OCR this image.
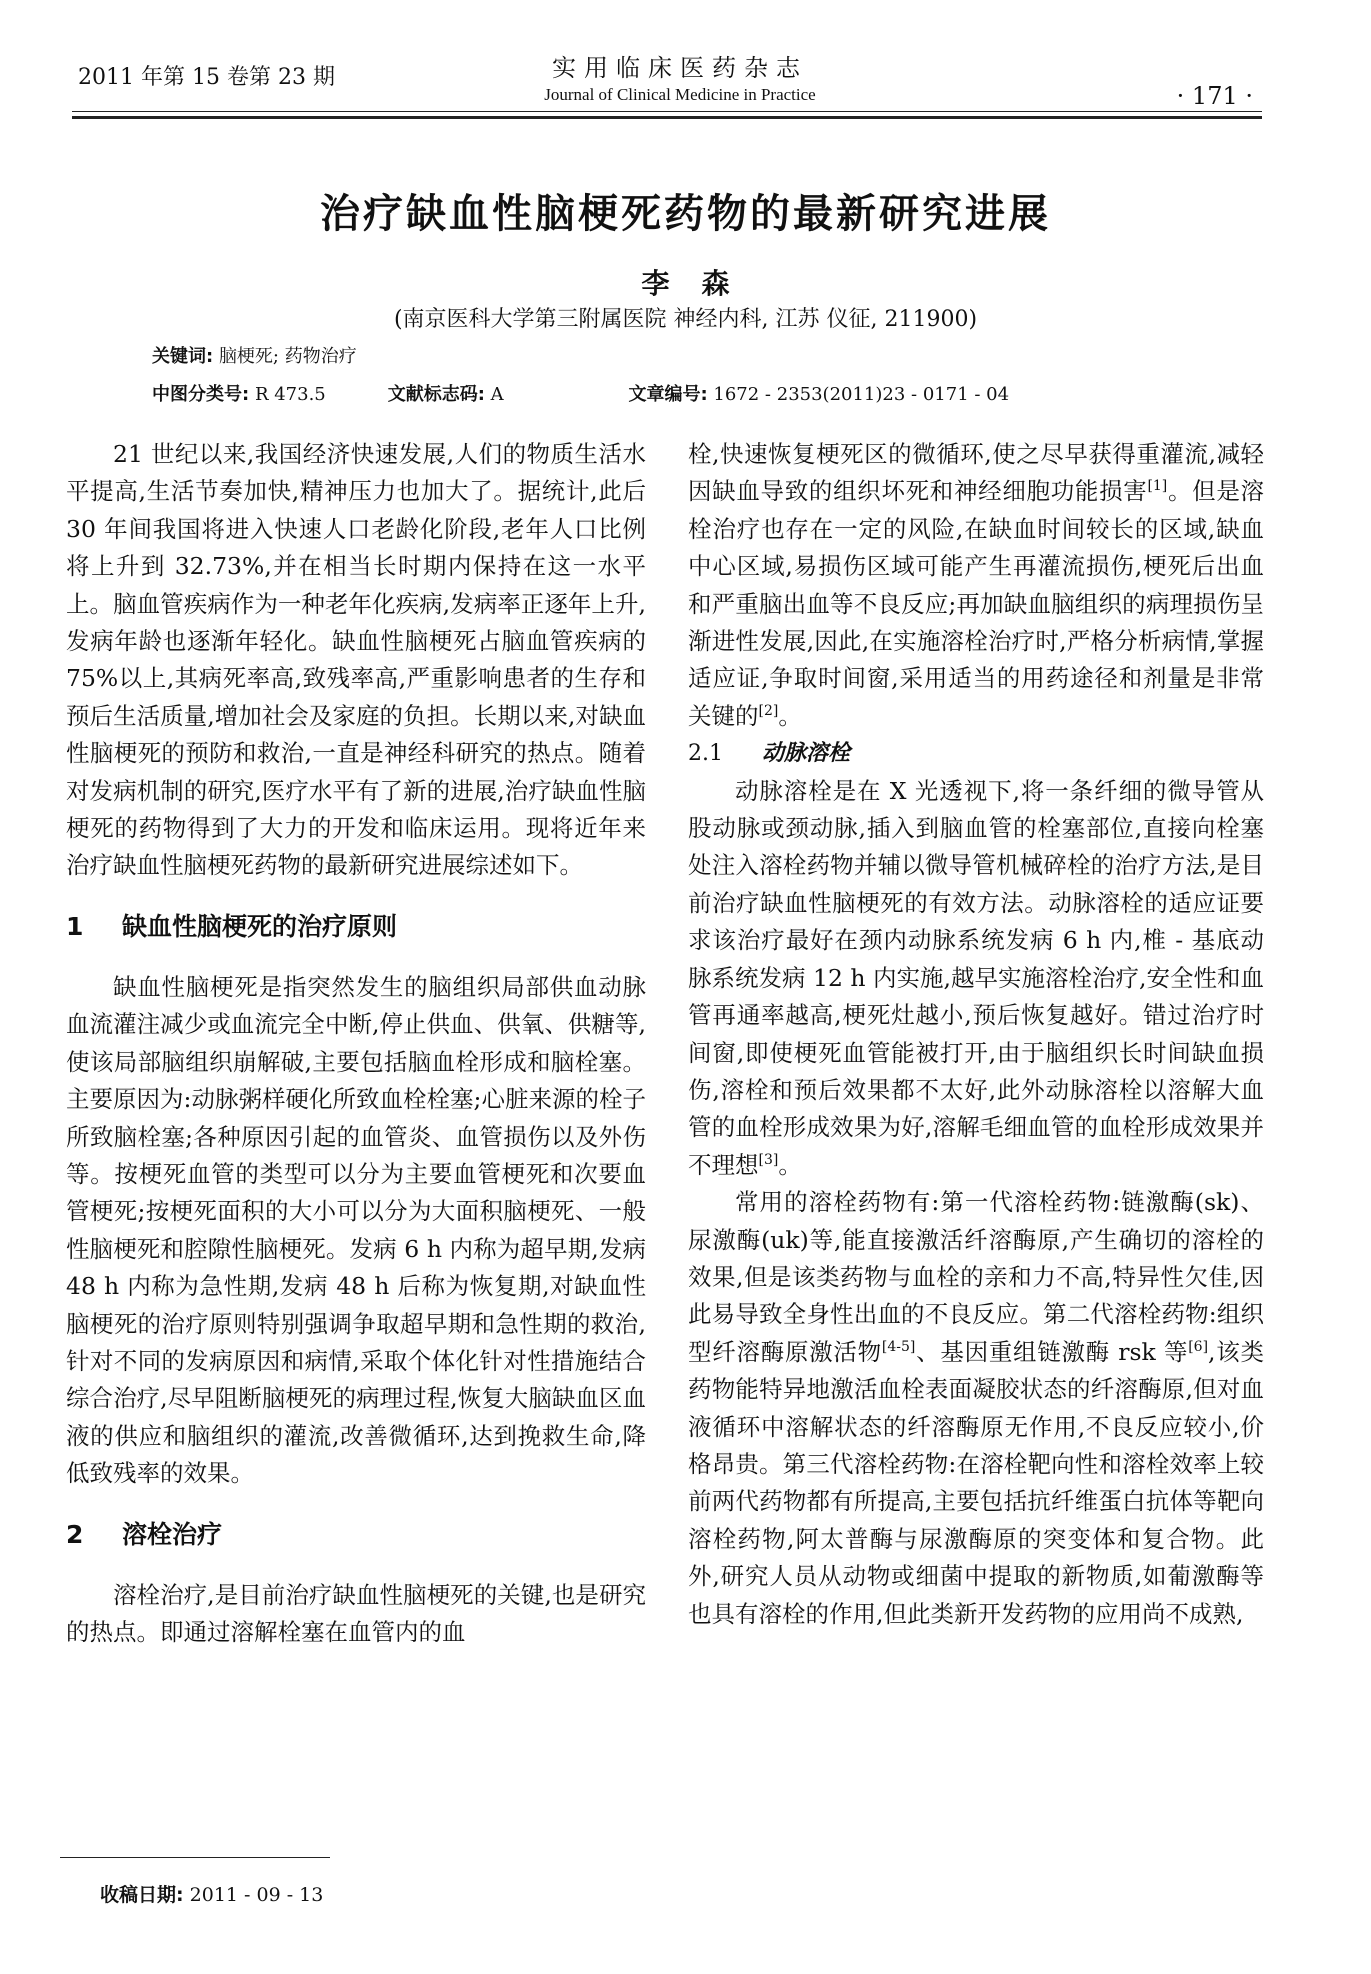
2011 年第 15 卷第 23 期	实用临床医药杂志
Journal of Clinical Medicine in Practice	· 171 ·
治疗缺血性脑梗死药物的最新研究进展
李森
(南京医科大学第三附属医院 神经内科, 江苏 仪征, 211900)
关键词: 脑梗死; 药物治疗
中图分类号: R 473.5	文献标志码: A	文章编号: 1672 - 2353(2011)23 - 0171 - 04

21 世纪以来,我国经济快速发展,人们的物质生活水平提高,生活节奏加快,精神压力也加大了。据统计,此后 30 年间我国将进入快速人口老龄化阶段,老年人口比例将上升到 32.73%,并在相当长时期内保持在这一水平上。脑血管疾病作为一种老年化疾病,发病率正逐年上升,发病年龄也逐渐年轻化。缺血性脑梗死占脑血管疾病的 75%以上,其病死率高,致残率高,严重影响患者的生存和预后生活质量,增加社会及家庭的负担。长期以来,对缺血性脑梗死的预防和救治,一直是神经科研究的热点。随着对发病机制的研究,医疗水平有了新的进展,治疗缺血性脑梗死的药物得到了大力的开发和临床运用。现将近年来治疗缺血性脑梗死药物的最新研究进展综述如下。

1 缺血性脑梗死的治疗原则

缺血性脑梗死是指突然发生的脑组织局部供血动脉血流灌注减少或血流完全中断,停止供血、供氧、供糖等,使该局部脑组织崩解破,主要包括脑血栓形成和脑栓塞。主要原因为:动脉粥样硬化所致血栓栓塞;心脏来源的栓子所致脑栓塞;各种原因引起的血管炎、血管损伤以及外伤等。按梗死血管的类型可以分为主要血管梗死和次要血管梗死;按梗死面积的大小可以分为大面积脑梗死、一般性脑梗死和腔隙性脑梗死。发病 6 h 内称为超早期,发病 48 h 内称为急性期,发病 48 h 后称为恢复期,对缺血性脑梗死的治疗原则特别强调争取超早期和急性期的救治,针对不同的发病原因和病情,采取个体化针对性措施结合综合治疗,尽早阻断脑梗死的病理过程,恢复大脑缺血区血液的供应和脑组织的灌流,改善微循环,达到挽救生命,降低致残率的效果。

2 溶栓治疗

溶栓治疗,是目前治疗缺血性脑梗死的关键,也是研究的热点。即通过溶解栓塞在血管内的血

栓,快速恢复梗死区的微循环,使之尽早获得重灌流,减轻因缺血导致的组织坏死和神经细胞功能损害[1]。但是溶栓治疗也存在一定的风险,在缺血时间较长的区域,缺血中心区域,易损伤区域可能产生再灌流损伤,梗死后出血和严重脑出血等不良反应;再加缺血脑组织的病理损伤呈渐进性发展,因此,在实施溶栓治疗时,严格分析病情,掌握适应证,争取时间窗,采用适当的用药途径和剂量是非常关键的[2]。

2.1 动脉溶栓

动脉溶栓是在 X 光透视下,将一条纤细的微导管从股动脉或颈动脉,插入到脑血管的栓塞部位,直接向栓塞处注入溶栓药物并辅以微导管机械碎栓的治疗方法,是目前治疗缺血性脑梗死的有效方法。动脉溶栓的适应证要求该治疗最好在颈内动脉系统发病 6 h 内,椎 - 基底动脉系统发病 12 h 内实施,越早实施溶栓治疗,安全性和血管再通率越高,梗死灶越小,预后恢复越好。错过治疗时间窗,即使梗死血管能被打开,由于脑组织长时间缺血损伤,溶栓和预后效果都不太好,此外动脉溶栓以溶解大血管的血栓形成效果为好,溶解毛细血管的血栓形成效果并不理想[3]。

常用的溶栓药物有:第一代溶栓药物:链激酶(sk)、尿激酶(uk)等,能直接激活纤溶酶原,产生确切的溶栓的效果,但是该类药物与血栓的亲和力不高,特异性欠佳,因此易导致全身性出血的不良反应。第二代溶栓药物:组织型纤溶酶原激活物[4-5]、基因重组链激酶 rsk 等[6],该类药物能特异地激活血栓表面凝胶状态的纤溶酶原,但对血液循环中溶解状态的纤溶酶原无作用,不良反应较小,价格昂贵。第三代溶栓药物:在溶栓靶向性和溶栓效率上较前两代药物都有所提高,主要包括抗纤维蛋白抗体等靶向溶栓药物,阿太普酶与尿激酶原的突变体和复合物。此外,研究人员从动物或细菌中提取的新物质,如葡激酶等也具有溶栓的作用,但此类新开发药物的应用尚不成熟,

收稿日期: 2011 - 09 - 13
